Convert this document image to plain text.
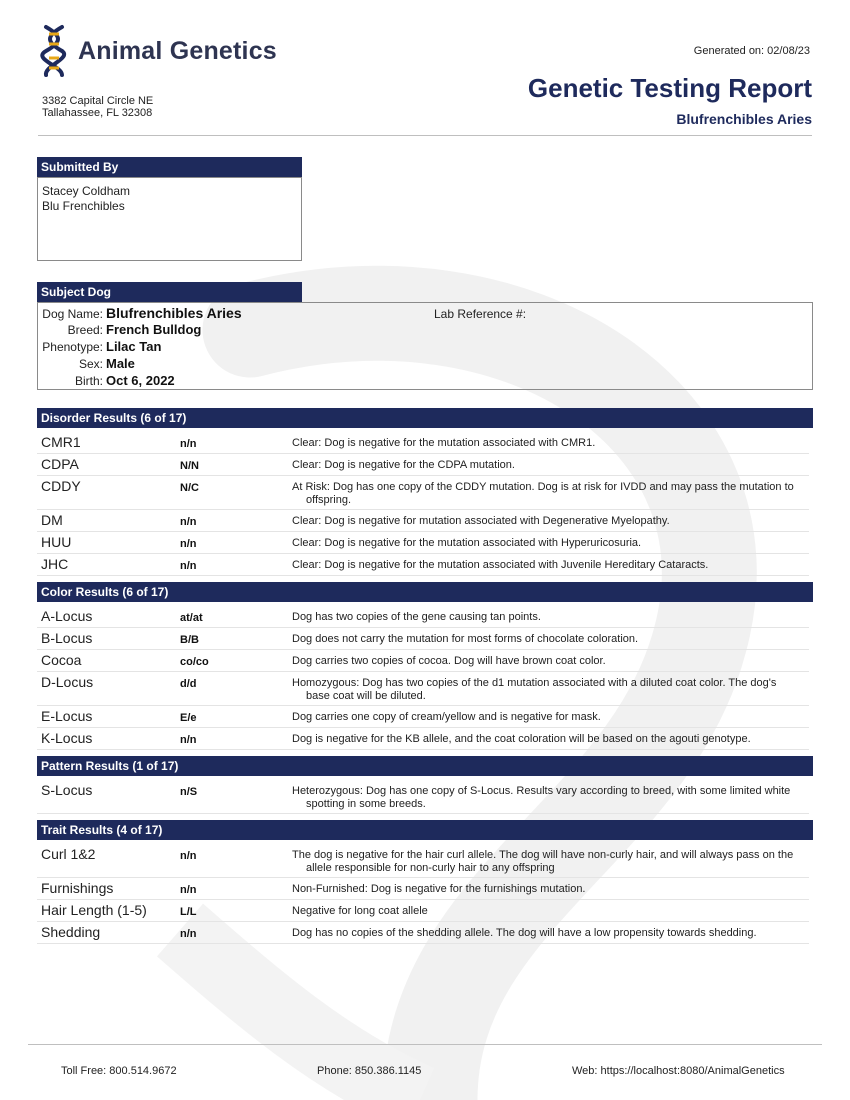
Animal Genetics
3382 Capital Circle NE
Tallahassee, FL 32308
Generated on: 02/08/23
Genetic Testing Report
Blufrenchibles Aries
Submitted By
Stacey Coldham
Blu Frenchibles
Subject Dog
Dog Name: Blufrenchibles Aries
Breed: French Bulldog
Phenotype: Lilac Tan
Sex: Male
Birth: Oct 6, 2022
Lab Reference #:
Disorder Results (6 of 17)
CMR1	n/n	Clear: Dog is negative for the mutation associated with CMR1.
CDPA	N/N	Clear: Dog is negative for the CDPA mutation.
CDDY	N/C	At Risk: Dog has one copy of the CDDY mutation. Dog is at risk for IVDD and may pass the mutation to offspring.
DM	n/n	Clear: Dog is negative for mutation associated with Degenerative Myelopathy.
HUU	n/n	Clear: Dog is negative for the mutation associated with Hyperuricosuria.
JHC	n/n	Clear: Dog is negative for the mutation associated with Juvenile Hereditary Cataracts.
Color Results (6 of 17)
A-Locus	at/at	Dog has two copies of the gene causing tan points.
B-Locus	B/B	Dog does not carry the mutation for most forms of chocolate coloration.
Cocoa	co/co	Dog carries two copies of cocoa. Dog will have brown coat color.
D-Locus	d/d	Homozygous: Dog has two copies of the d1 mutation associated with a diluted coat color. The dog's base coat will be diluted.
E-Locus	E/e	Dog carries one copy of cream/yellow and is negative for mask.
K-Locus	n/n	Dog is negative for the KB allele, and the coat coloration will be based on the agouti genotype.
Pattern Results (1 of 17)
S-Locus	n/S	Heterozygous: Dog has one copy of S-Locus. Results vary according to breed, with some limited white spotting in some breeds.
Trait Results (4 of 17)
Curl 1&2	n/n	The dog is negative for the hair curl allele. The dog will have non-curly hair, and will always pass on the allele responsible for non-curly hair to any offspring
Furnishings	n/n	Non-Furnished: Dog is negative for the furnishings mutation.
Hair Length (1-5)	L/L	Negative for long coat allele
Shedding	n/n	Dog has no copies of the shedding allele. The dog will have a low propensity towards shedding.
Toll Free: 800.514.9672	Phone: 850.386.1145	Web: https://localhost:8080/AnimalGenetics
